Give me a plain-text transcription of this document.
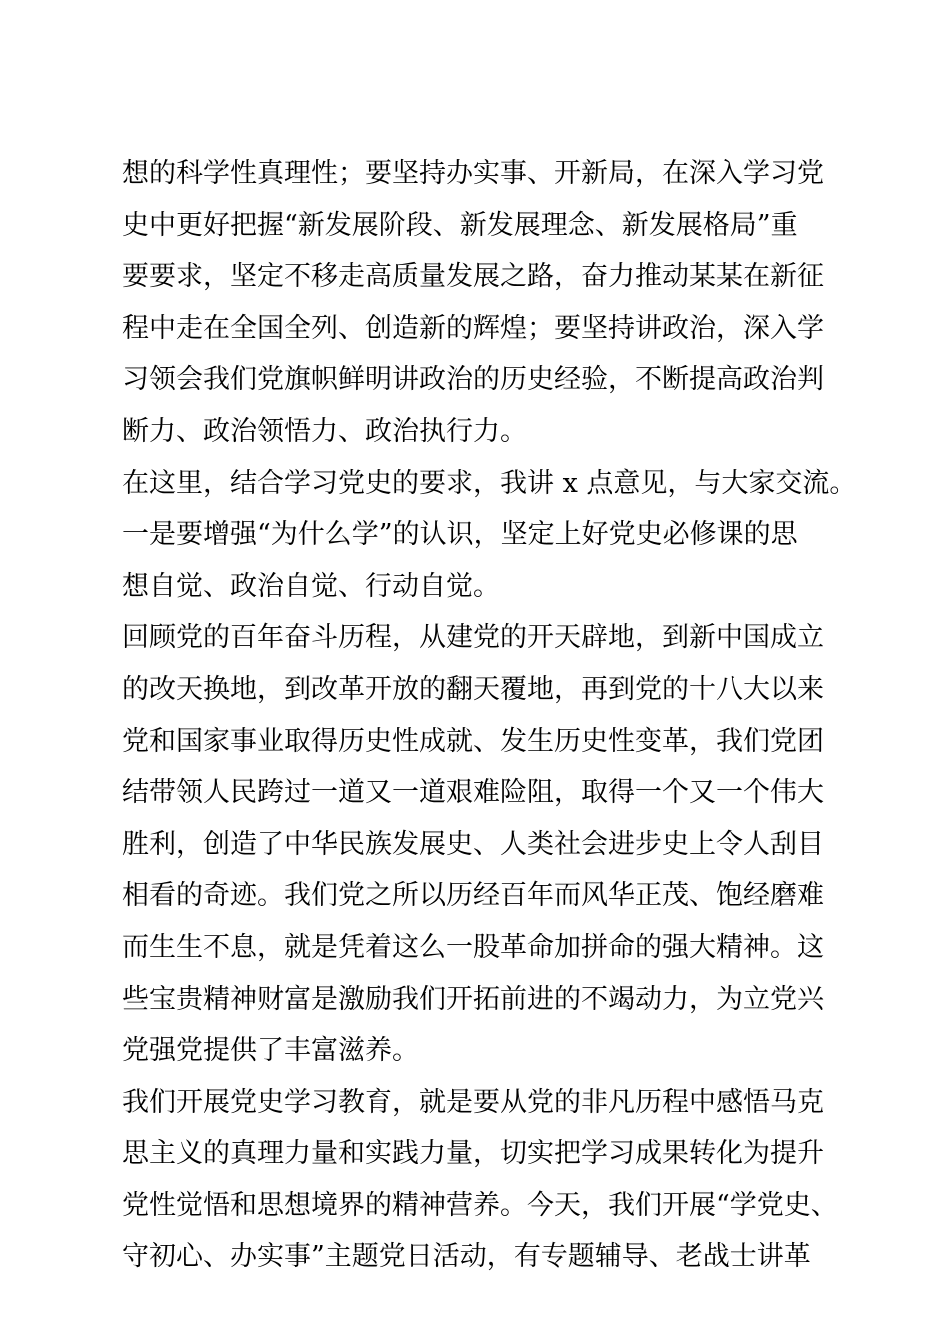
想的科学性真理性；要坚持办实事、开新局，在深入学习党
史中更好把握“新发展阶段、新发展理念、新发展格局”重
要要求，坚定不移走高质量发展之路，奋力推动某某在新征
程中走在全国全列、创造新的辉煌；要坚持讲政治，深入学
习领会我们党旗帜鲜明讲政治的历史经验，不断提高政治判
断力、政治领悟力、政治执行力。
在这里，结合学习党史的要求，我讲 x 点意见，与大家交流。
一是要增强“为什么学”的认识，坚定上好党史必修课的思
想自觉、政治自觉、行动自觉。
回顾党的百年奋斗历程，从建党的开天辟地，到新中国成立
的改天换地，到改革开放的翻天覆地，再到党的十八大以来
党和国家事业取得历史性成就、发生历史性变革，我们党团
结带领人民跨过一道又一道艰难险阻，取得一个又一个伟大
胜利，创造了中华民族发展史、人类社会进步史上令人刮目
相看的奇迹。我们党之所以历经百年而风华正茂、饱经磨难
而生生不息，就是凭着这么一股革命加拼命的强大精神。这
些宝贵精神财富是激励我们开拓前进的不竭动力，为立党兴
党强党提供了丰富滋养。
我们开展党史学习教育，就是要从党的非凡历程中感悟马克
思主义的真理力量和实践力量，切实把学习成果转化为提升
党性觉悟和思想境界的精神营养。今天，我们开展“学党史、
守初心、办实事”主题党日活动，有专题辅导、老战士讲革
